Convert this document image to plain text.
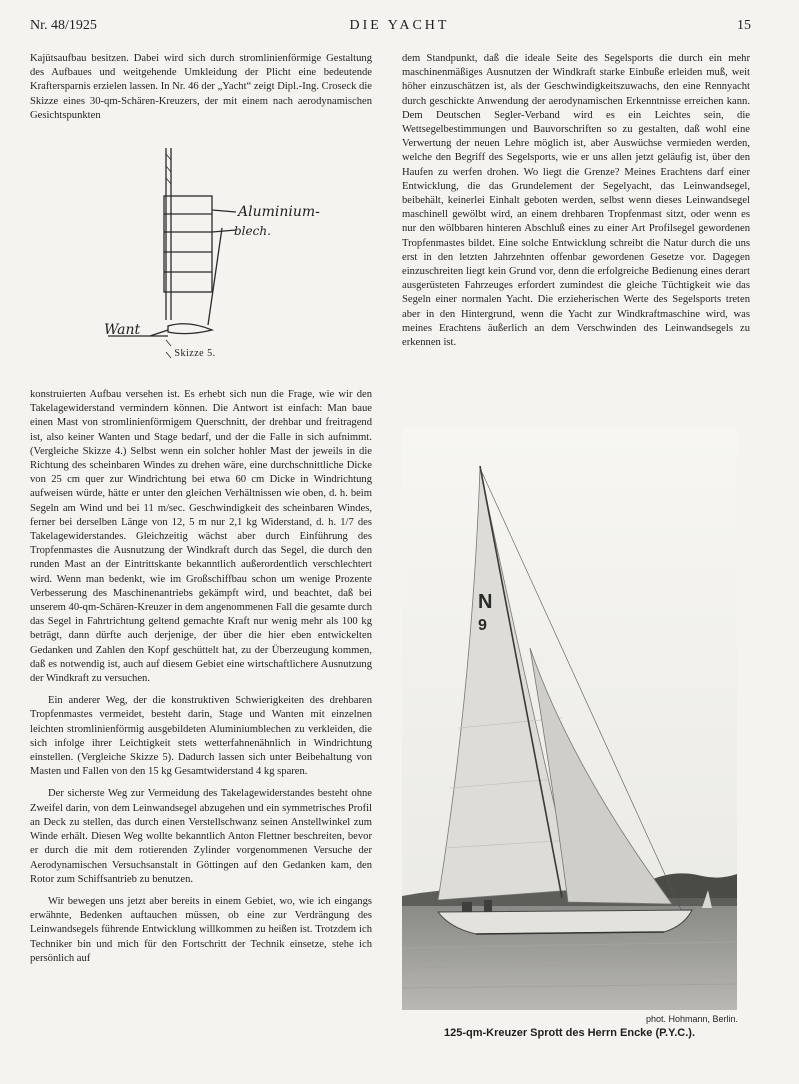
Nr. 48/1925	DIE YACHT	15

Kajütsaufbau besitzen. Dabei wird sich durch stromlinienförmige Gestaltung des Aufbaues und weitgehende Umkleidung der Plicht eine bedeutende Kraftersparnis erzielen lassen. In Nr. 46 der „Yacht“ zeigt Dipl.-Ing. Croseck die Skizze eines 30-qm-Schären-Kreuzers, der mit einem nach aerodynamischen Gesichtspunkten

Aluminium-
blech.
Want
Skizze 5.

konstruierten Aufbau versehen ist. Es erhebt sich nun die Frage, wie wir den Takelagewiderstand vermindern können. Die Antwort ist einfach: Man baue einen Mast von stromlinienförmigem Querschnitt, der drehbar und freitragend ist, also keiner Wanten und Stage bedarf, und der die Falle in sich aufnimmt. (Vergleiche Skizze 4.) Selbst wenn ein solcher hohler Mast der jeweils in die Richtung des scheinbaren Windes zu drehen wäre, eine durchschnittliche Dicke von 25 cm quer zur Windrichtung bei etwa 60 cm Dicke in Windrichtung aufweisen würde, hätte er unter den gleichen Verhältnissen wie oben, d. h. beim Segeln am Wind und bei 11 m/sec. Geschwindigkeit des scheinbaren Windes, ferner bei derselben Länge von 12, 5 m nur 2,1 kg Widerstand, d. h. 1/7 des Takelagewiderstandes. Gleichzeitig wächst aber durch Einführung des Tropfenmastes die Ausnutzung der Windkraft durch das Segel, die durch den runden Mast an der Eintrittskante bekanntlich außerordentlich verschlechtert wird. Wenn man bedenkt, wie im Großschiffbau schon um wenige Prozente Verbesserung des Maschinenantriebs gekämpft wird, und beachtet, daß bei unserem 40-qm-Schären-Kreuzer in dem angenommenen Fall die gesamte durch das Segel in Fahrtrichtung geltend gemachte Kraft nur wenig mehr als 100 kg beträgt, dann dürfte auch derjenige, der über die hier eben entwickelten Gedanken und Zahlen den Kopf geschüttelt hat, zu der Überzeugung kommen, daß es notwendig ist, auch auf diesem Gebiet eine wirtschaftlichere Ausnutzung der Windkraft zu versuchen.

Ein anderer Weg, der die konstruktiven Schwierigkeiten des drehbaren Tropfenmastes vermeidet, besteht darin, Stage und Wanten mit einzelnen leichten stromlinienförmig ausgebildeten Aluminiumblechen zu verkleiden, die sich infolge ihrer Leichtigkeit stets wetterfahnenähnlich in Windrichtung einstellen. (Vergleiche Skizze 5). Dadurch lassen sich unter Beibehaltung von Masten und Fallen von den 15 kg Gesamtwiderstand 4 kg sparen.

Der sicherste Weg zur Vermeidung des Takelagewiderstandes besteht ohne Zweifel darin, von dem Leinwandsegel abzugehen und ein symmetrisches Profil an Deck zu stellen, das durch einen Verstellschwanz seinen Anstellwinkel zum Winde erhält. Diesen Weg wollte bekanntlich Anton Flettner beschreiten, bevor er durch die mit dem rotierenden Zylinder vorgenommenen Versuche der Aerodynamischen Versuchsanstalt in Göttingen auf den Gedanken kam, den Rotor zum Schiffsantrieb zu benutzen.

Wir bewegen uns jetzt aber bereits in einem Gebiet, wo, wie ich eingangs erwähnte, Bedenken auftauchen müssen, ob eine zur Verdrängung des Leinwandsegels führende Entwicklung willkommen zu heißen ist. Trotzdem ich Techniker bin und mich für den Fortschritt der Technik einsetze, stehe ich persönlich auf

dem Standpunkt, daß die ideale Seite des Segelsports die durch ein mehr maschinenmäßiges Ausnutzen der Windkraft starke Einbuße erleiden muß, weit höher einzuschätzen ist, als der Geschwindigkeitszuwachs, den eine Rennyacht durch geschickte Anwendung der aerodynamischen Erkenntnisse erreichen kann. Dem Deutschen Segler-Verband wird es ein Leichtes sein, die Wettsegelbestimmungen und Bauvorschriften so zu gestalten, daß wohl eine Verwertung der neuen Lehre möglich ist, aber Auswüchse vermieden werden, welche den Begriff des Segelsports, wie er uns allen jetzt geläufig ist, über den Haufen zu werfen drohen. Wo liegt die Grenze? Meines Erachtens darf einer Entwicklung, die das Grundelement der Segelyacht, das Leinwandsegel, beibehält, keinerlei Einhalt geboten werden, selbst wenn dieses Leinwandsegel maschinell gewölbt wird, an einem drehbaren Tropfenmast sitzt, oder wenn es nur den wölbbaren hinteren Abschluß eines zu einer Art Profilsegel gewordenen Tropfenmastes bildet. Eine solche Entwicklung schreibt die Natur durch die uns erst in den letzten Jahrzehnten offenbar gewordenen Gesetze vor. Dagegen einzuschreiten liegt kein Grund vor, denn die erfolgreiche Bedienung eines derart ausgerüsteten Fahrzeuges erfordert zumindest die gleiche Tüchtigkeit wie das Segeln einer normalen Yacht. Die erzieherischen Werte des Segelsports treten aber in den Hintergrund, wenn die Yacht zur Windkraftmaschine wird, was meines Erachtens äußerlich an dem Verschwinden des Leinwandsegels zu erkennen ist.

N
9
phot. Hohmann, Berlin.
125-qm-Kreuzer Sprott des Herrn Encke (P.Y.C.).
